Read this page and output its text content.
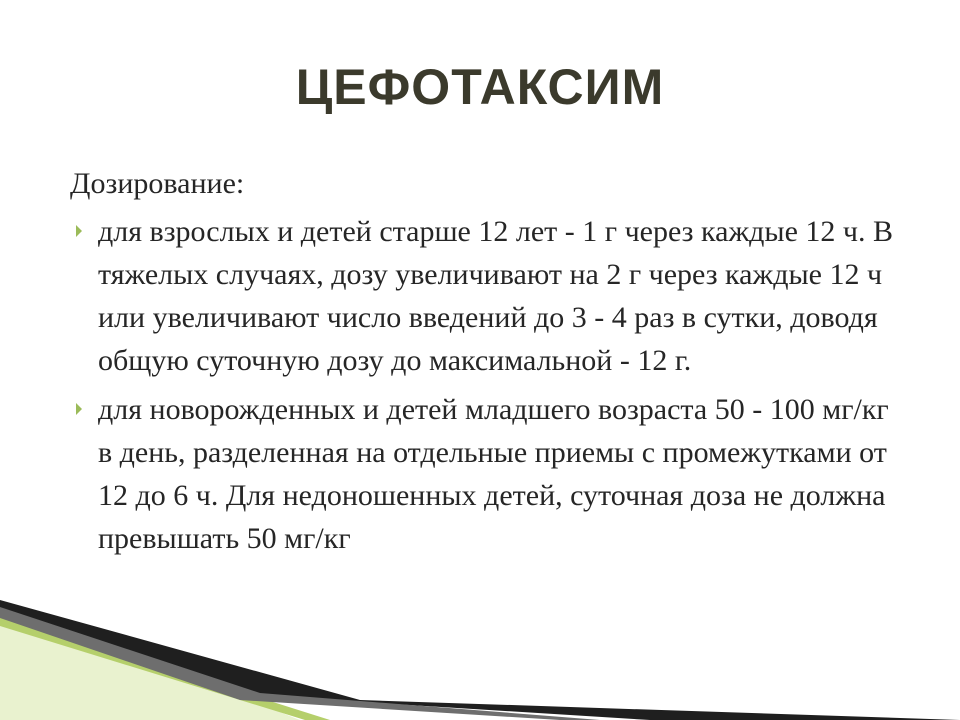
ЦЕФОТАКСИМ

Дозирование:

для взрослых и детей старше 12 лет - 1 г через каждые 12 ч. В тяжелых случаях, дозу увеличивают на 2 г через каждые 12 ч или увеличивают число введений до 3 - 4 раз в сутки, доводя общую суточную дозу до максимальной - 12 г.
для новорожденных и детей младшего возраста 50 - 100 мг/кг в день, разделенная на отдельные приемы с промежутками от 12 до 6 ч. Для недоношенных детей, суточная доза не должна превышать 50 мг/кг
